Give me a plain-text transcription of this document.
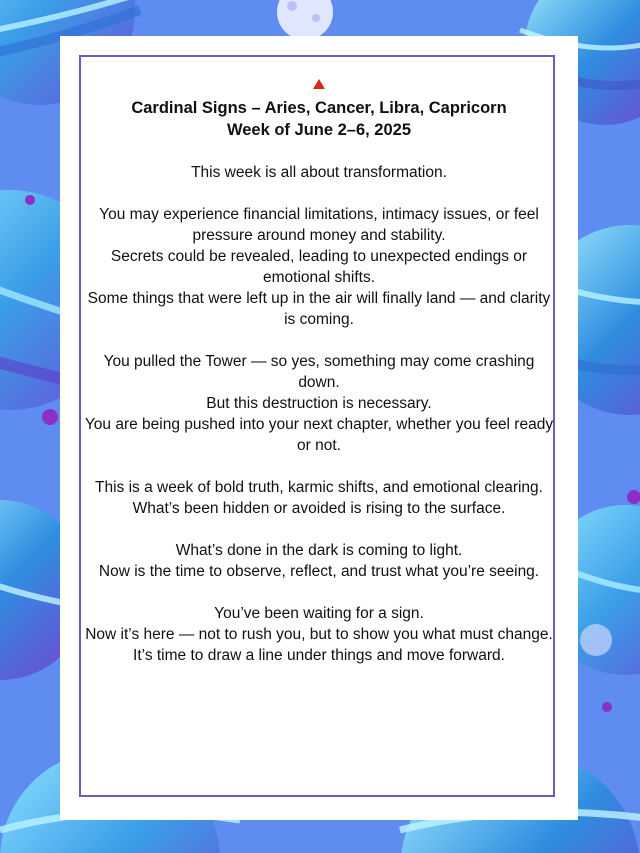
Cardinal Signs – Aries, Cancer, Libra, Capricorn
Week of June 2–6, 2025

This week is all about transformation.

You may experience financial limitations, intimacy issues, or feel pressure around money and stability.

Secrets could be revealed, leading to unexpected endings or emotional shifts.

Some things that were left up in the air will finally land — and clarity is coming.

You pulled the Tower — so yes, something may come crashing down.

But this destruction is necessary.

You are being pushed into your next chapter, whether you feel ready or not.

This is a week of bold truth, karmic shifts, and emotional clearing.

What’s been hidden or avoided is rising to the surface.

What’s done in the dark is coming to light.

Now is the time to observe, reflect, and trust what you’re seeing.

You’ve been waiting for a sign.

Now it’s here — not to rush you, but to show you what must change.

It’s time to draw a line under things and move forward.
